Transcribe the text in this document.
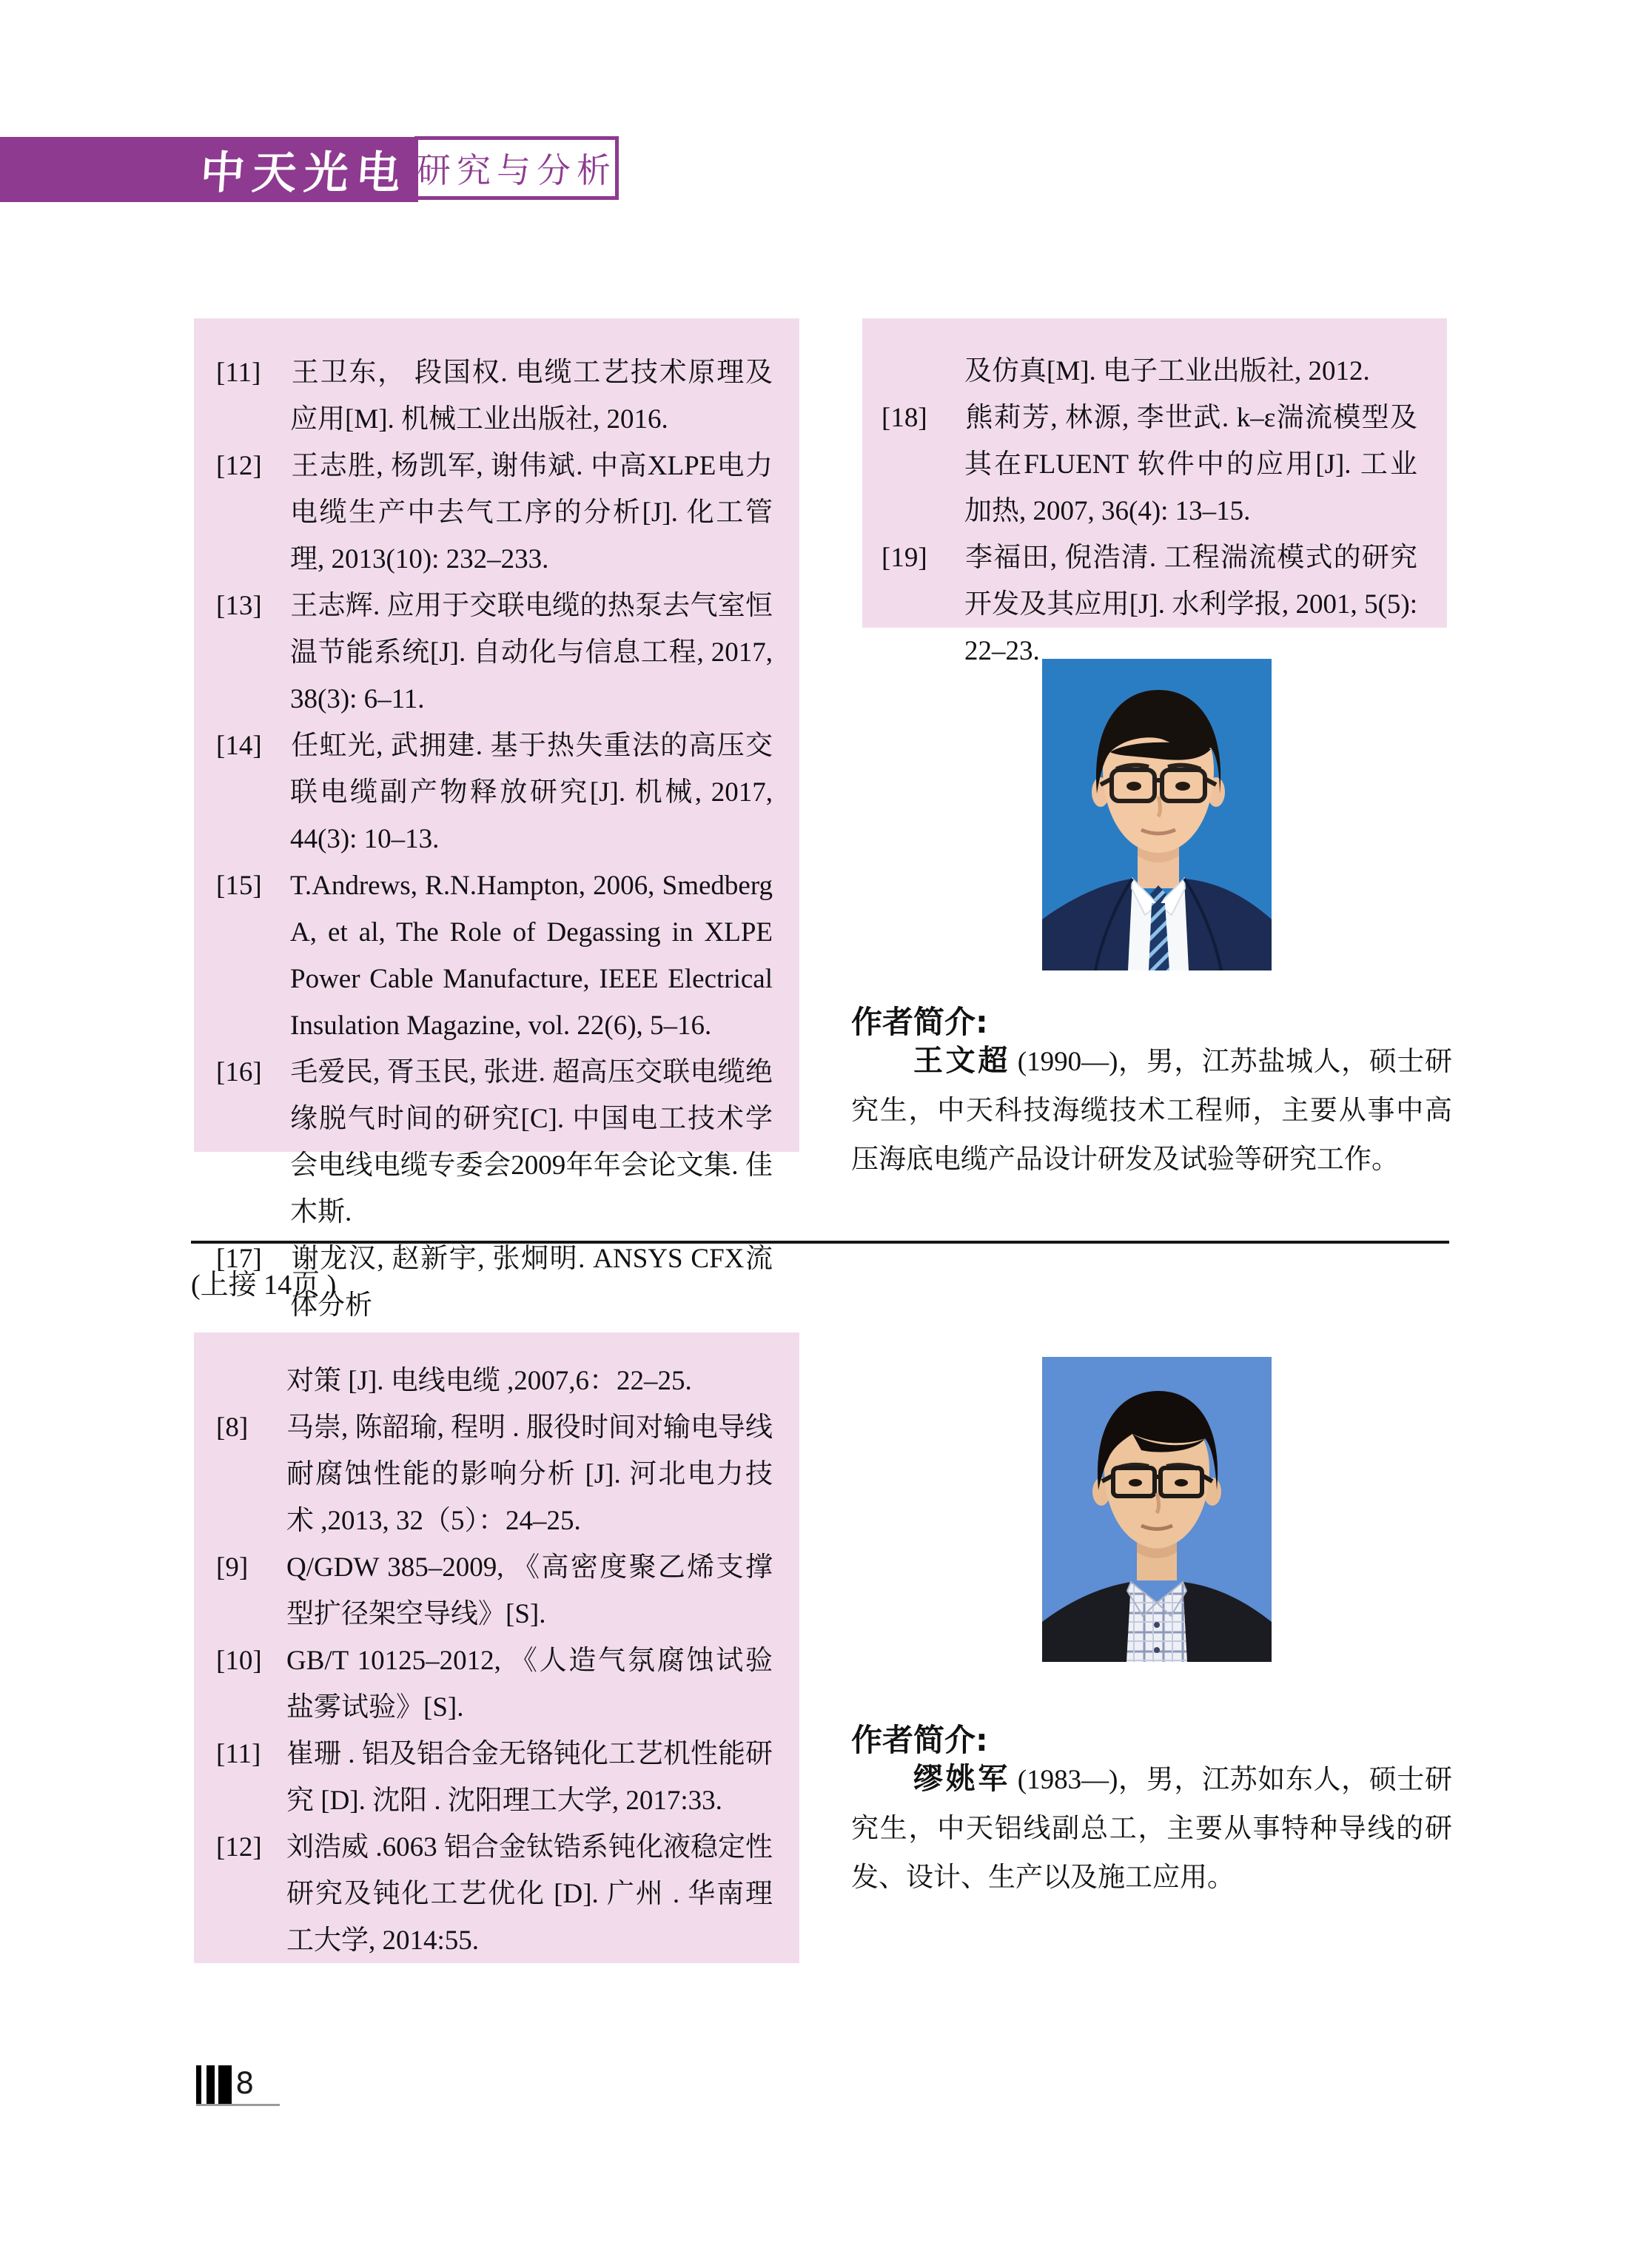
中天光电 研究与分析
[11] 王卫东， 段国权. 电缆工艺技术原理及应用[M]. 机械工业出版社, 2016.
[12] 王志胜, 杨凯军, 谢伟斌. 中高XLPE电力电缆生产中去气工序的分析[J]. 化工管理, 2013(10): 232–233.
[13] 王志辉. 应用于交联电缆的热泵去气室恒温节能系统[J]. 自动化与信息工程, 2017, 38(3): 6–11.
[14] 任虹光, 武拥建. 基于热失重法的高压交联电缆副产物释放研究[J]. 机械, 2017, 44(3): 10–13.
[15] T.Andrews, R.N.Hampton, 2006, Smedberg A, et al, The Role of Degassing in XLPE Power Cable Manufacture, IEEE Electrical Insulation Magazine, vol. 22(6), 5–16.
[16] 毛爱民, 胥玉民, 张进. 超高压交联电缆绝缘脱气时间的研究[C]. 中国电工技术学会电线电缆专委会2009年年会论文集. 佳木斯.
[17] 谢龙汉, 赵新宇, 张炯明. ANSYS CFX流体分析
及仿真[M]. 电子工业出版社, 2012.
[18] 熊莉芳, 林源, 李世武. k–ε湍流模型及其在FLUENT 软件中的应用[J]. 工业加热, 2007, 36(4): 13–15.
[19] 李福田, 倪浩清. 工程湍流模式的研究开发及其应用[J]. 水利学报, 2001, 5(5): 22–23.
作者简介:
王文超 (1990—)，男，江苏盐城人，硕士研究生，中天科技海缆技术工程师，主要从事中高压海底电缆产品设计研发及试验等研究工作。
(上接 14页 )
对策 [J]. 电线电缆 ,2007,6：22–25.
[8] 马崇, 陈韶瑜, 程明 . 服役时间对输电导线耐腐蚀性能的影响分析 [J]. 河北电力技术 ,2013, 32（5）：24–25.
[9] Q/GDW 385–2009, 《高密度聚乙烯支撑型扩径架空导线》[S].
[10] GB/T 10125–2012, 《人造气氛腐蚀试验 盐雾试验》[S].
[11] 崔珊 . 铝及铝合金无铬钝化工艺机性能研究 [D]. 沈阳 . 沈阳理工大学, 2017:33.
[12] 刘浩威 .6063 铝合金钛锆系钝化液稳定性研究及钝化工艺优化 [D]. 广州 . 华南理工大学, 2014:55.
作者简介:
缪姚军 (1983—)，男，江苏如东人，硕士研究生，中天铝线副总工，主要从事特种导线的研发、设计、生产以及施工应用。
8
